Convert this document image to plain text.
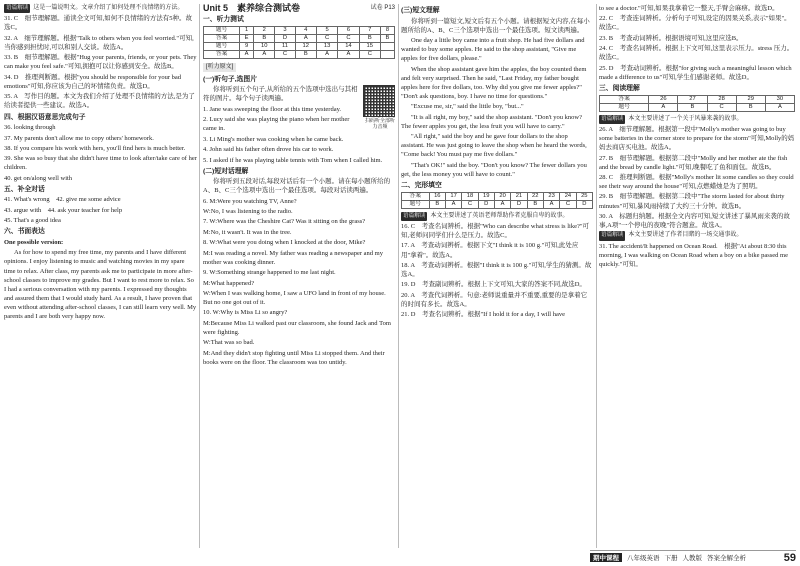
语篇解读 这是一篇说明文。文章介绍了如何处理不良情绪的方法。

31. C　细节理解题。通读全文可知,如何不良情绪的方法有5种。故选C。

32. A　细节理解题。根据"Talk to others when you feel worried."可知,当你感到担忧时,可以和别人交谈。故选A。

33. B　细节理解题。根据"Hug your parents, friends, or your pets. They can make you feel safe."可知,拥抱可以让你感到安全。故选B。

34. D　推理判断题。根据"you should be responsible for your bad emotions"可知,你应该为自己的坏情绪负责。故选D。

35. A　写作目的题。本文为我们介绍了处理不良情绪的方法,是为了给读者提供一些建议。故选A。

四、根据汉语意思完成句子

36. looking through

37. My parents don't allow me to copy others' homework.

38. If you compare his work with hers, you'll find hers is much better.

39. She was so busy that she didn't have time to look after/take care of her children.

40. get on/along well with

五、补全对话

41. What's wrong　42. give me some advice

43. argue with　44. ask your teacher for help

45. That's a good idea

六、书面表达

One possible version:

As for how to spend my free time, my parents and I have different opinions. I enjoy listening to music and watching movies in my spare time to relax. After class, my parents ask me to participate in more after-school classes to improve my grades. But I want to rest more to relax. So I had a serious conversation with my parents. I expressed my thoughts and assured them that I would study hard. As a result, I have proven that even without attending after-school classes, I can still learn very well. My parents and I are both very happy now.

Unit 5　素养综合测试卷	试卷 P13
一、听力测试
题号	1	2	3	4	5	6	7	8
答案	E	B	D	A	C	C	B	B
题号	9	10	11	12	13	14	15	
答案	A	A	C	B	A	A	C	
[听力原文]
(一)听句子,选图片
扫码听全部听力音频

你将听到五个句子,从所给的五个选项中选出与其相符的图片。每个句子读两遍。

1. Jane was sweeping the floor at this time yesterday.

2. Lucy said she was playing the piano when her mother came in.

3. Li Ming's mother was cooking when he came back.

4. John said his father often drove his car to work.

5. I asked if he was playing table tennis with Tom when I called him.

(二)短对话理解

你将听到五段对话,每段对话后有一个小题。请在每小题所给的A、B、C三个选项中选出一个最佳选项。每段对话读两遍。

6. M:Were you watching TV, Anne?

W:No, I was listening to the radio.

7. W:Where was the Cheshire Cat? Was it sitting on the grass?

M:No, it wasn't. It was in the tree.

8. W:What were you doing when I knocked at the door, Mike?

M:I was reading a novel. My father was reading a newspaper and my mother was cooking dinner.

9. W:Something strange happened to me last night.

M:What happened?

W:When I was walking home, I saw a UFO land in front of my house. But no one got out of it.

10. W:Why is Miss Li so angry?

M:Because Miss Li walked past our classroom, she found Jack and Tom were fighting.

W:That was so bad.

M:And they didn't stop fighting until Miss Li stopped them. And their books were on the floor. The classroom was too untidy.

(三)短文理解

你将听到一篇短文,短文后有五个小题。请根据短文内容,在每小题所给的A、B、C三个选项中选出一个最佳选项。短文读两遍。

One day a little boy came into a fruit shop. He had five dollars and wanted to buy some apples. He said to the shop assistant, "Give me apples for five dollars, please."

When the shop assistant gave him the apples, the boy counted them and felt very surprised. Then he said, "Last Friday, my father bought apples here for five dollars, too. Why did you give me fewer apples?" "Don't ask questions, boy. I have no time for questions."

"Excuse me, sir," said the little boy, "but..."

"It is all right, my boy," said the shop assistant. "Don't you know? The fewer apples you get, the less fruit you will have to carry."

"All right," said the boy and he gave four dollars to the shop assistant. He was just going to leave the shop when he heard the words, "Come back! You must pay me five dollars."

"That's OK!" said the boy. "Don't you know? The fewer dollars you get, the less money you will have to count."

二、完形填空
答案	16	17	18	19	20	21	22	23	24	25
题号	B	A	C	D	A	D	B	A	C	D

语篇解读 本文主要讲述了英语老师帮助作者克服自卑的故事。

16. C　考查名词辨析。根据"Who can describe what stress is like?"可知,老师问同学们什么是压力。故选C。

17. A　考查动词辨析。根据下文"I think it is 100 g."可知,此处应用"拿着"。故选A。

18. A　考查动词辨析。根据"I think it is 100 g."可知,学生的猜测。故选A。

19. D　考查副词辨析。根据上下文可知,大家的答案不同,故选D。

20. A　考查代词辨析。句意:老师说重量并不重要,重要的是拿着它的时间有多长。故选A。

21. D　考查名词辨析。根据"If I hold it for a day, I will have

to see a doctor."可知,如果我拿着它一整天,手臂会麻痹。故选D。

22. C　考查连词辨析。分析句子可知,设定的因果关系,表示"如果"。故选C。

23. B　考查动词辨析。根据语境可知,这里应选B。

24. C　考查名词辨析。根据上下文可知,这里表示压力。stress 压力。故选C。

25. D　考查动词辨析。根据"for giving such a meaningful lesson which made a difference to us"可知,学生们感谢老师。故选D。

三、阅读理解
答案	26	27	28	29	30
题号	A	B	C	B	A

语篇解读 本文主要讲述了一个关于风暴来袭的故事。

26. A　细节理解题。根据第一段中"Molly's mother was going to buy some batteries in the corner store to prepare for the storm"可知,Molly的妈妈去商店买电池。故选A。

27. B　细节理解题。根据第二段中"Molly and her mother ate the fish and the bread by candle light."可知,晚餐吃了鱼和面包。故选B。

28. C　推理判断题。根据"Molly's mother lit some candles so they could see their way around the house"可知,点燃蜡烛是为了照明。

29. B　细节理解题。根据第二段中"The storm lasted for about thirty minutes"可知,暴风雨持续了大约三十分钟。故选B。

30. A　标题归纳题。根据全文内容可知,短文讲述了暴风雨来袭的故事,A项"一个停电的夜晚"符合题意。故选A。

语篇解读 本文主要讲述了作者目睹的一场交通事故。

31. The accident/It happened on Ocean Road.　根据"At about 8:30 this morning, I was walking on Ocean Road when a boy on a bike passed me quickly."可知。

期中课程	八年级英语 下册 人教版 答案全解全析	59
